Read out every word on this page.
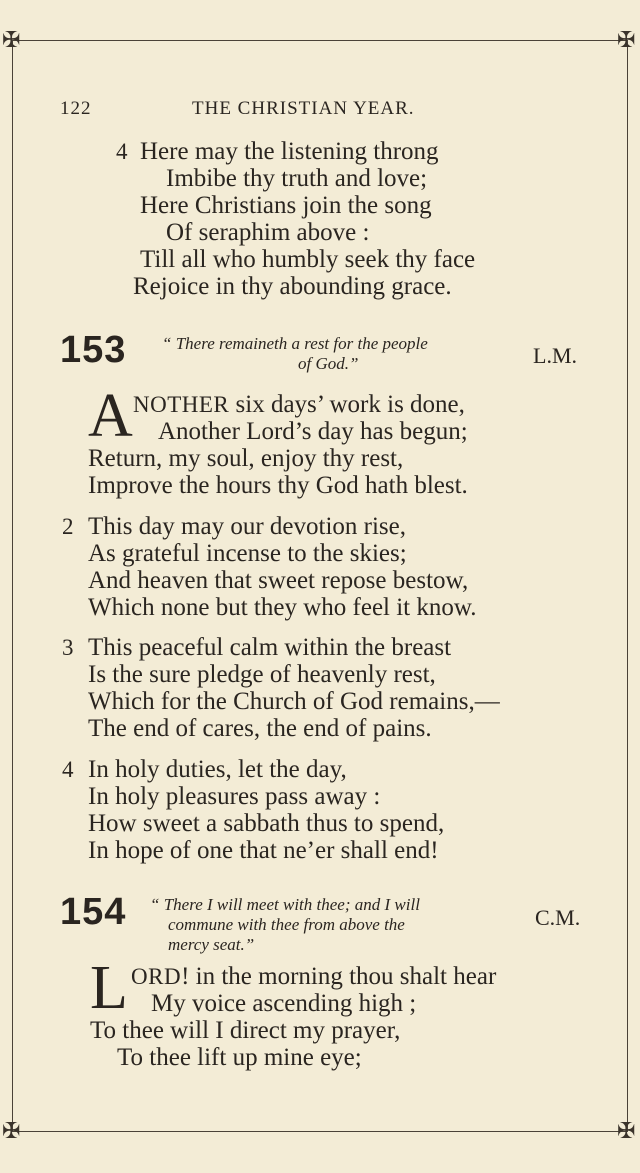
✠	✠
✠	✠
122	THE CHRISTIAN YEAR.
4 Here may the listening throng
Imbibe thy truth and love;
Here Christians join the song
Of seraphim above :
Till all who humbly seek thy face
Rejoice in thy abounding grace.
153 “ There remaineth a rest for the people
of God.”	L.M.
A NOTHER six days’ work is done,
Another Lord’s day has begun;
Return, my soul, enjoy thy rest,
Improve the hours thy God hath blest.
2 This day may our devotion rise,
As grateful incense to the skies;
And heaven that sweet repose bestow,
Which none but they who feel it know.
3 This peaceful calm within the breast
Is the sure pledge of heavenly rest,
Which for the Church of God remains,—
The end of cares, the end of pains.
4 In holy duties, let the day,
In holy pleasures pass away :
How sweet a sabbath thus to spend,
In hope of one that ne’er shall end!
154 “ There I will meet with thee; and I will
commune with thee from above the
mercy seat.”
C.M.
L ORD! in the morning thou shalt hear
My voice ascending high ;
To thee will I direct my prayer,
To thee lift up mine eye;
